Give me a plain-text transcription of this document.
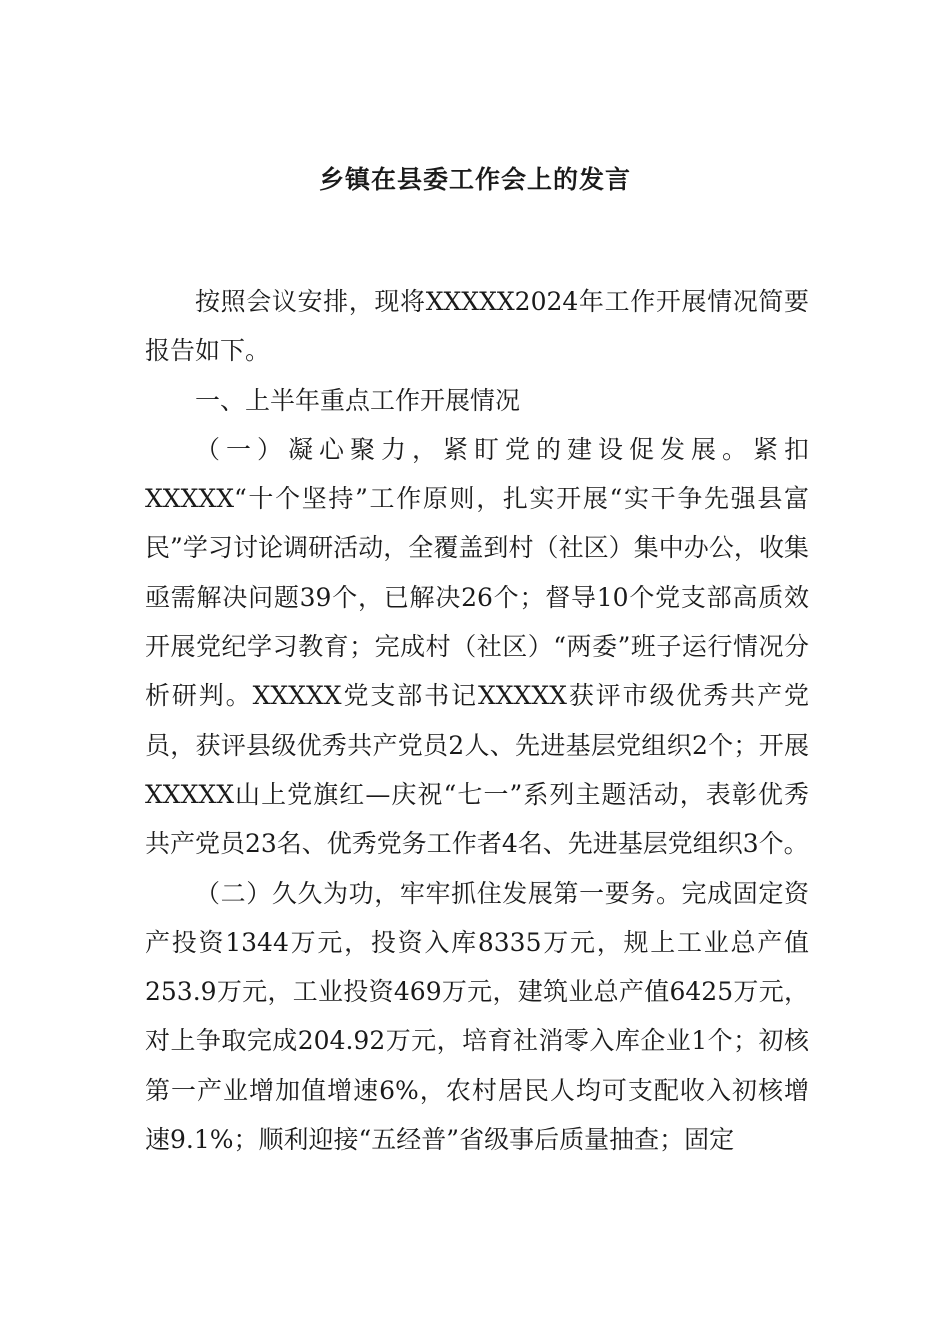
乡镇在县委工作会上的发言

按照会议安排，现将XXXXX2024年工作开展情况简要报告如下。

一、上半年重点工作开展情况

（一）凝心聚力，紧盯党的建设促发展。紧扣XXXXX“十个坚持”工作原则，扎实开展“实干争先强县富民”学习讨论调研活动，全覆盖到村（社区）集中办公，收集亟需解决问题39个，已解决26个；督导10个党支部高质效开展党纪学习教育；完成村（社区）“两委”班子运行情况分析研判。XXXXX党支部书记XXXXX获评市级优秀共产党员，获评县级优秀共产党员2人、先进基层党组织2个；开展XXXXX山上党旗红—庆祝“七一”系列主题活动，表彰优秀共产党员23名、优秀党务工作者4名、先进基层党组织3个。

（二）久久为功，牢牢抓住发展第一要务。完成固定资产投资1344万元，投资入库8335万元，规上工业总产值253.9万元，工业投资469万元，建筑业总产值6425万元，对上争取完成204.92万元，培育社消零入库企业1个；初核第一产业增加值增速6%，农村居民人均可支配收入初核增速9.1%；顺利迎接“五经普”省级事后质量抽查；固定
